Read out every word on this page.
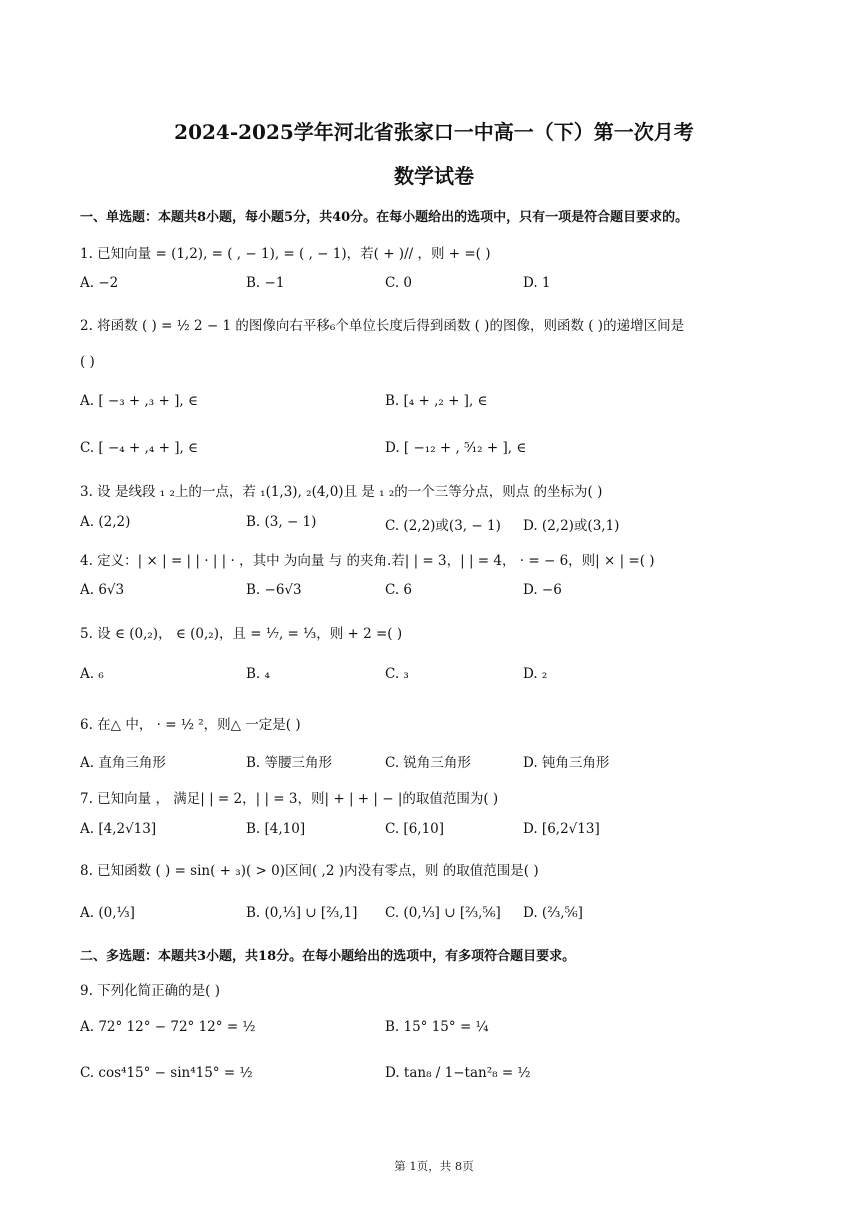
2024-2025学年河北省张家口一中高一（下）第一次月考
数学试卷
一、单选题：本题共8小题，每小题5分，共40分。在每小题给出的选项中，只有一项是符合题目要求的。
1. 已知向量 = (1,2), = ( , − 1), = ( , − 1)，若( + )// ，则 + =( )
A. −2	B. −1	C. 0	D. 1
2. 将函数 ( ) = ½ 2 − 1 的图像向右平移₆个单位长度后得到函数 ( )的图像，则函数 ( )的递增区间是
( )
A. [ −₃ + ,₃ + ], ∈	B. [₄ + ,₂ + ], ∈
C. [ −₄ + ,₄ + ], ∈	D. [ −₁₂ + , ⁵⁄₁₂ + ], ∈
3. 设 是线段 ₁ ₂上的一点，若 ₁(1,3), ₂(4,0)且 是 ₁ ₂的一个三等分点，则点 的坐标为( )
A. (2,2)	B. (3, − 1)	C. (2,2)或(3, − 1) D. (2,2)或(3,1)
4. 定义：| × | = | | · | | · ，其中 为向量 与 的夹角.若| | = 3，| | = 4， · = − 6，则| × | =( )
A. 6√3	B. −6√3	C. 6	D. −6
5. 设 ∈ (0,₂)， ∈ (0,₂)，且 = ⅐, = ⅓，则 + 2 =( )
A. ₆	B. ₄	C. ₃	D. ₂
6. 在△ 中， · = ½ ²，则△ 一定是( )
A. 直角三角形	B. 等腰三角形	C. 锐角三角形	D. 钝角三角形
7. 已知向量 ， 满足| | = 2，| | = 3，则| + | + | − |的取值范围为( )
A. [4,2√13]	B. [4,10]	C. [6,10]	D. [6,2√13]
8. 已知函数 ( ) = sin( + ₃)( > 0)区间( ,2 )内没有零点，则 的取值范围是( )
A. (0,⅓]	B. (0,⅓] ∪ [⅔,1] C. (0,⅓] ∪ [⅔,⅚] D. (⅔,⅚]
二、多选题：本题共3小题，共18分。在每小题给出的选项中，有多项符合题目要求。
9. 下列化简正确的是( )
A. 72° 12° − 72° 12° = ½	B. 15° 15° = ¼
C. cos⁴15° − sin⁴15° = ½	D. tan₈ / 1−tan²₈ = ½
第 1页，共 8页
